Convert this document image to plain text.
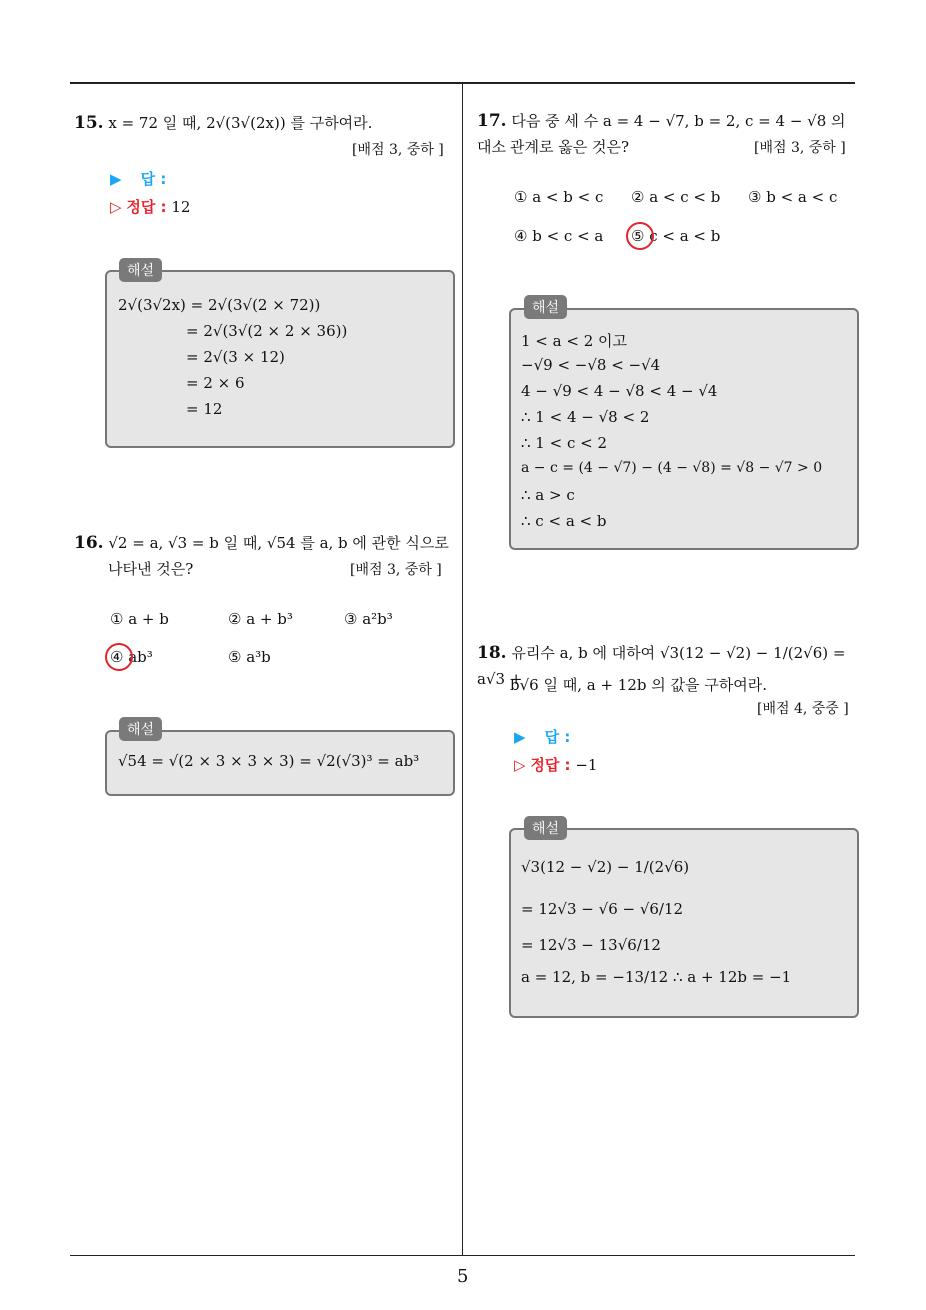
5
15. x = 72 일 때, 2√(3√(2x)) 를 구하여라.
[배점 3, 중하 ]
▶ 답 :
▷ 정답 : 12
해설
2√(3√2x) = 2√(3√(2 × 72))
= 2√(3√(2 × 2 × 36))
= 2√(3 × 12)
= 2 × 6
= 12
16. √2 = a, √3 = b 일 때, √54 를 a, b 에 관한 식으로
나타낸 것은?	[배점 3, 중하 ]
① a + b	② a + b³	③ a²b³
④ ab³	⑤ a³b
해설
√54 = √(2 × 3 × 3 × 3) = √2(√3)³ = ab³
17. 다음 중 세 수 a = 4 − √7, b = 2, c = 4 − √8 의 대소 관계로 옳은 것은?	[배점 3, 중하 ]
① a < b < c ② a < c < b ③ b < a < c
④ b < c < a ⑤ c < a < b
해설
1 < a < 2 이고
−√9 < −√8 < −√4
4 − √9 < 4 − √8 < 4 − √4
∴ 1 < 4 − √8 < 2
∴ 1 < c < 2
a − c = (4 − √7) − (4 − √8) = √8 − √7 > 0
∴ a > c
∴ c < a < b
18. 유리수 a, b 에 대하여 √3(12 − √2) − 1/(2√6) = a√3 +
b√6 일 때, a + 12b 의 값을 구하여라.
[배점 4, 중중 ]
▶ 답 :
▷ 정답 : −1
해설
√3(12 − √2) − 1/(2√6)
= 12√3 − √6 − √6/12
= 12√3 − 13√6/12
a = 12, b = −13/12 ∴ a + 12b = −1
